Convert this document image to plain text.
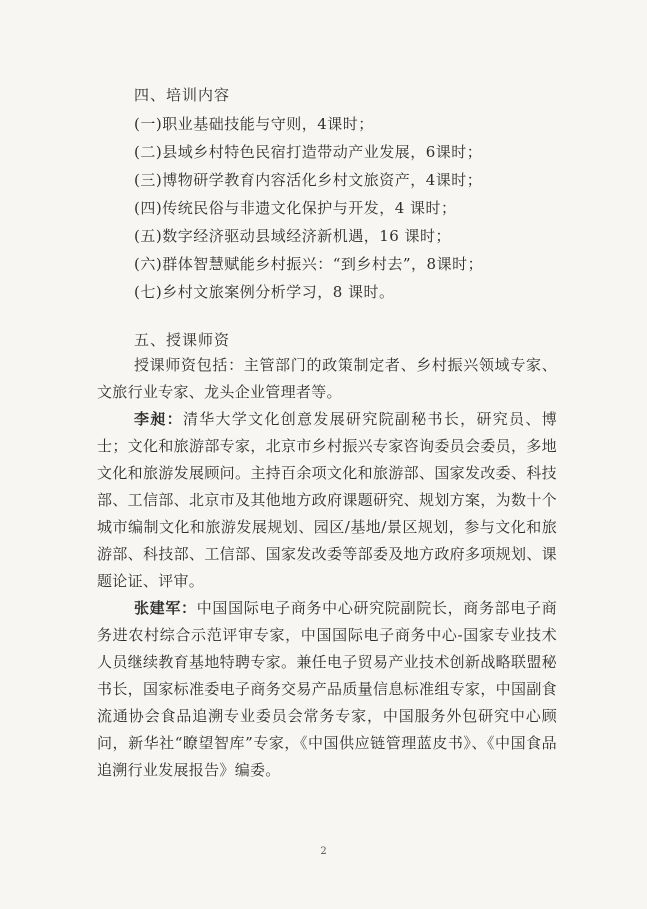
四、培训内容
(一)职业基础技能与守则，4课时；
(二)县域乡村特色民宿打造带动产业发展，6课时；
(三)博物研学教育内容活化乡村文旅资产，4课时；
(四)传统民俗与非遗文化保护与开发，4 课时；
(五)数字经济驱动县域经济新机遇，16 课时；
(六)群体智慧赋能乡村振兴：“到乡村去”，8课时；
(七)乡村文旅案例分析学习，8 课时。
五、授课师资
授课师资包括：主管部门的政策制定者、乡村振兴领域专家、文旅行业专家、龙头企业管理者等。
李昶：清华大学文化创意发展研究院副秘书长，研究员、博士；文化和旅游部专家，北京市乡村振兴专家咨询委员会委员，多地文化和旅游发展顾问。主持百余项文化和旅游部、国家发改委、科技部、工信部、北京市及其他地方政府课题研究、规划方案，为数十个城市编制文化和旅游发展规划、园区/基地/景区规划，参与文化和旅游部、科技部、工信部、国家发改委等部委及地方政府多项规划、课题论证、评审。
张建军：中国国际电子商务中心研究院副院长，商务部电子商务进农村综合示范评审专家，中国国际电子商务中心-国家专业技术人员继续教育基地特聘专家。兼任电子贸易产业技术创新战略联盟秘书长，国家标准委电子商务交易产品质量信息标准组专家，中国副食流通协会食品追溯专业委员会常务专家，中国服务外包研究中心顾问，新华社“瞭望智库”专家，《中国供应链管理蓝皮书》、《中国食品追溯行业发展报告》编委。
2
